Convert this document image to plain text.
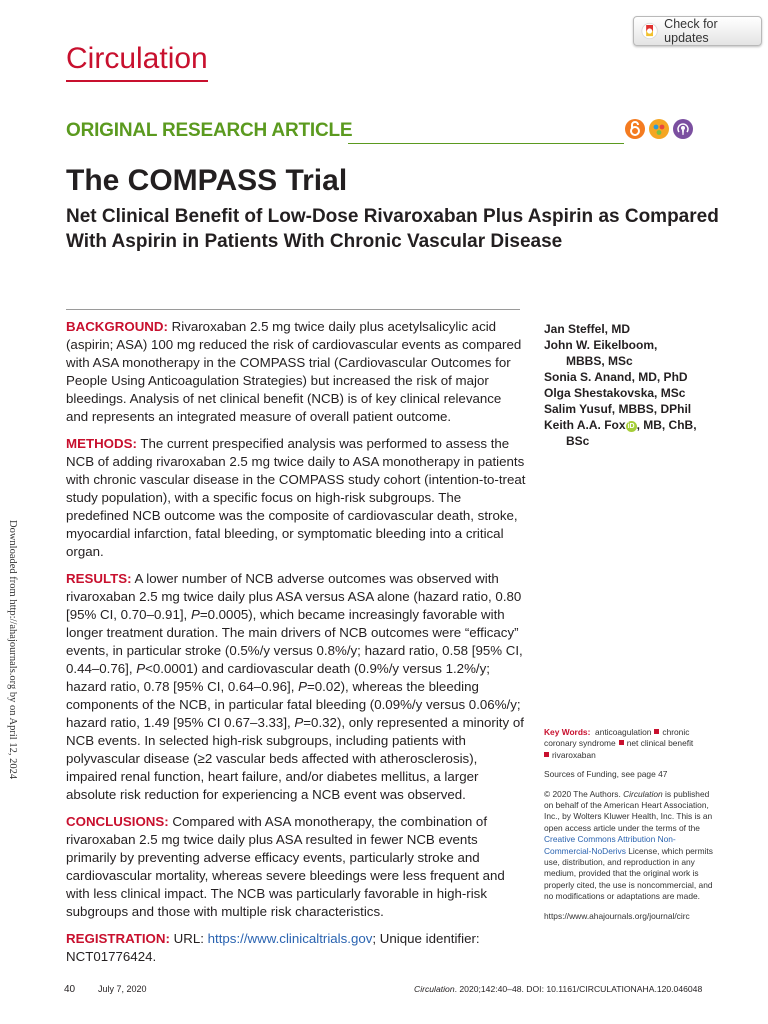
Check for updates
Circulation
ORIGINAL RESEARCH ARTICLE
The COMPASS Trial
Net Clinical Benefit of Low-Dose Rivaroxaban Plus Aspirin as Compared With Aspirin in Patients With Chronic Vascular Disease

BACKGROUND: Rivaroxaban 2.5 mg twice daily plus acetylsalicylic acid (aspirin; ASA) 100 mg reduced the risk of cardiovascular events as compared with ASA monotherapy in the COMPASS trial (Cardiovascular Outcomes for People Using Anticoagulation Strategies) but increased the risk of major bleedings. Analysis of net clinical benefit (NCB) is of key clinical relevance and represents an integrated measure of overall patient outcome.

METHODS: The current prespecified analysis was performed to assess the NCB of adding rivaroxaban 2.5 mg twice daily to ASA monotherapy in patients with chronic vascular disease in the COMPASS study cohort (intention-to-treat study population), with a specific focus on high-risk subgroups. The predefined NCB outcome was the composite of cardiovascular death, stroke, myocardial infarction, fatal bleeding, or symptomatic bleeding into a critical organ.

RESULTS: A lower number of NCB adverse outcomes was observed with rivaroxaban 2.5 mg twice daily plus ASA versus ASA alone (hazard ratio, 0.80 [95% CI, 0.70–0.91], P=0.0005), which became increasingly favorable with longer treatment duration. The main drivers of NCB outcomes were “efficacy” events, in particular stroke (0.5%/y versus 0.8%/y; hazard ratio, 0.58 [95% CI, 0.44–0.76], P<0.0001) and cardiovascular death (0.9%/y versus 1.2%/y; hazard ratio, 0.78 [95% CI, 0.64–0.96], P=0.02), whereas the bleeding components of the NCB, in particular fatal bleeding (0.09%/y versus 0.06%/y; hazard ratio, 1.49 [95% CI 0.67–3.33], P=0.32), only represented a minority of NCB events. In selected high-risk subgroups, including patients with polyvascular disease (≥2 vascular beds affected with atherosclerosis), impaired renal function, heart failure, and/or diabetes mellitus, a larger absolute risk reduction for experiencing a NCB event was observed.

CONCLUSIONS: Compared with ASA monotherapy, the combination of rivaroxaban 2.5 mg twice daily plus ASA resulted in fewer NCB events primarily by preventing adverse efficacy events, particularly stroke and cardiovascular mortality, whereas severe bleedings were less frequent and with less clinical impact. The NCB was particularly favorable in high-risk subgroups and those with multiple risk characteristics.

REGISTRATION: URL: https://www.clinicaltrials.gov; Unique identifier: NCT01776424.

Jan Steffel, MD
John W. Eikelboom,
MBBS, MSc
Sonia S. Anand, MD, PhD
Olga Shestakovska, MSc
Salim Yusuf, MBBS, DPhil
Keith A.A. Fox iD , MB, ChB,
BSc
Key Words: anticoagulation chronic coronary syndrome net clinical benefit
rivaroxaban
Sources of Funding, see page 47
© 2020 The Authors. Circulation is published on behalf of the American Heart Association, Inc., by Wolters Kluwer Health, Inc. This is an open access article under the terms of the Creative Commons Attribution Non-Commercial-NoDerivs License, which permits use, distribution, and reproduction in any medium, provided that the original work is properly cited, the use is noncommercial, and no modifications or adaptations are made.
https://www.ahajournals.org/journal/circ
Downloaded from http://ahajournals.org by on April 12, 2024
40	July 7, 2020	Circulation. 2020;142:40–48. DOI: 10.1161/CIRCULATIONAHA.120.046048
